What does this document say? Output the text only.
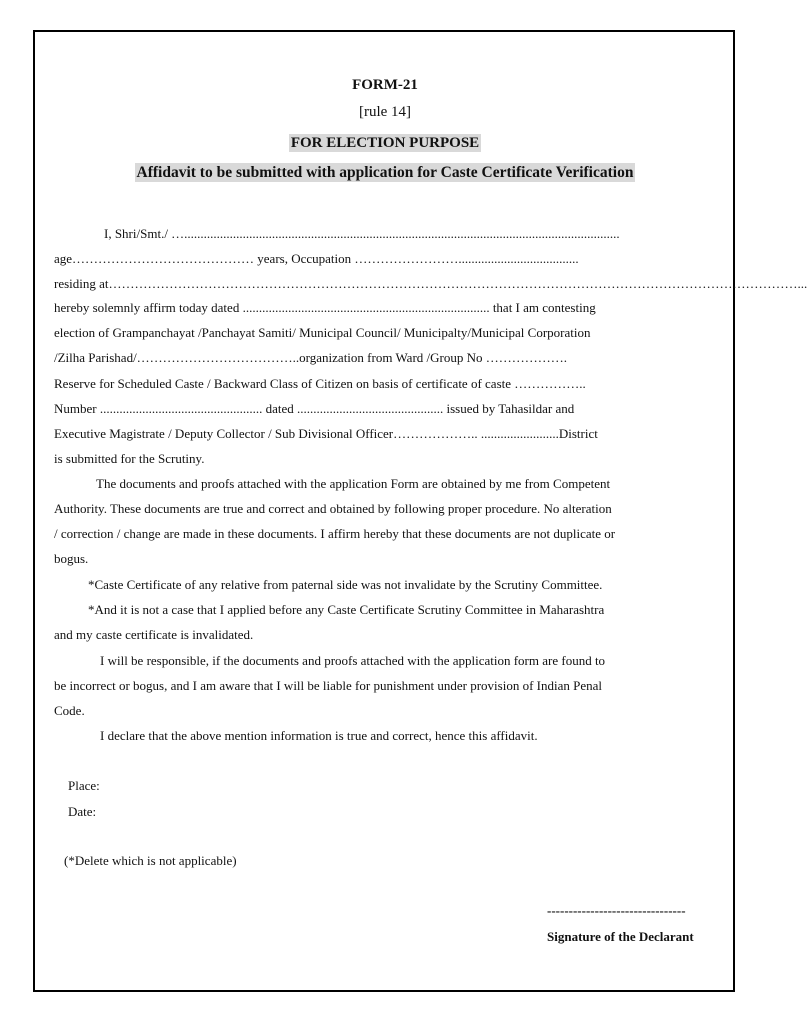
FORM-21
[rule 14]
FOR ELECTION PURPOSE
Affidavit to be submitted with application for Caste Certificate Verification
I, Shri/Smt./ …......................................................................................................................................
age…………………………………… years, Occupation …………………….....................................
residing at……………………………………………………………………………………………………………………………………………...
hereby solemnly affirm today dated ............................................................................ that I am contesting
election of Grampanchayat /Panchayat Samiti/ Municipal Council/ Municipalty/Municipal Corporation
/Zilha Parishad/………………………………..organization from Ward /Group No ……………….
Reserve for Scheduled Caste / Backward Class of Citizen on basis of certificate of caste ……………..
Number .................................................. dated ............................................. issued by Tahasildar and
Executive Magistrate / Deputy Collector / Sub Divisional Officer……………….. ........................District
is submitted for the Scrutiny.
The documents and proofs attached with the application Form are obtained by me from Competent
Authority. These documents are true and correct and obtained by following proper procedure. No alteration
/ correction / change are made in these documents. I affirm hereby that these documents are not duplicate or
bogus.
*Caste Certificate of any relative from paternal side was not invalidate by the Scrutiny Committee.
*And it is not a case that I applied before any Caste Certificate Scrutiny Committee in Maharashtra
and my caste certificate is invalidated.
I will be responsible, if the documents and proofs attached with the application form are found to
be incorrect or bogus, and I am aware that I will be liable for punishment under provision of Indian Penal
Code.
I declare that the above mention information is true and correct, hence this affidavit.
Place:
Date:
(*Delete which is not applicable)
--------------------------------
Signature of the Declarant
